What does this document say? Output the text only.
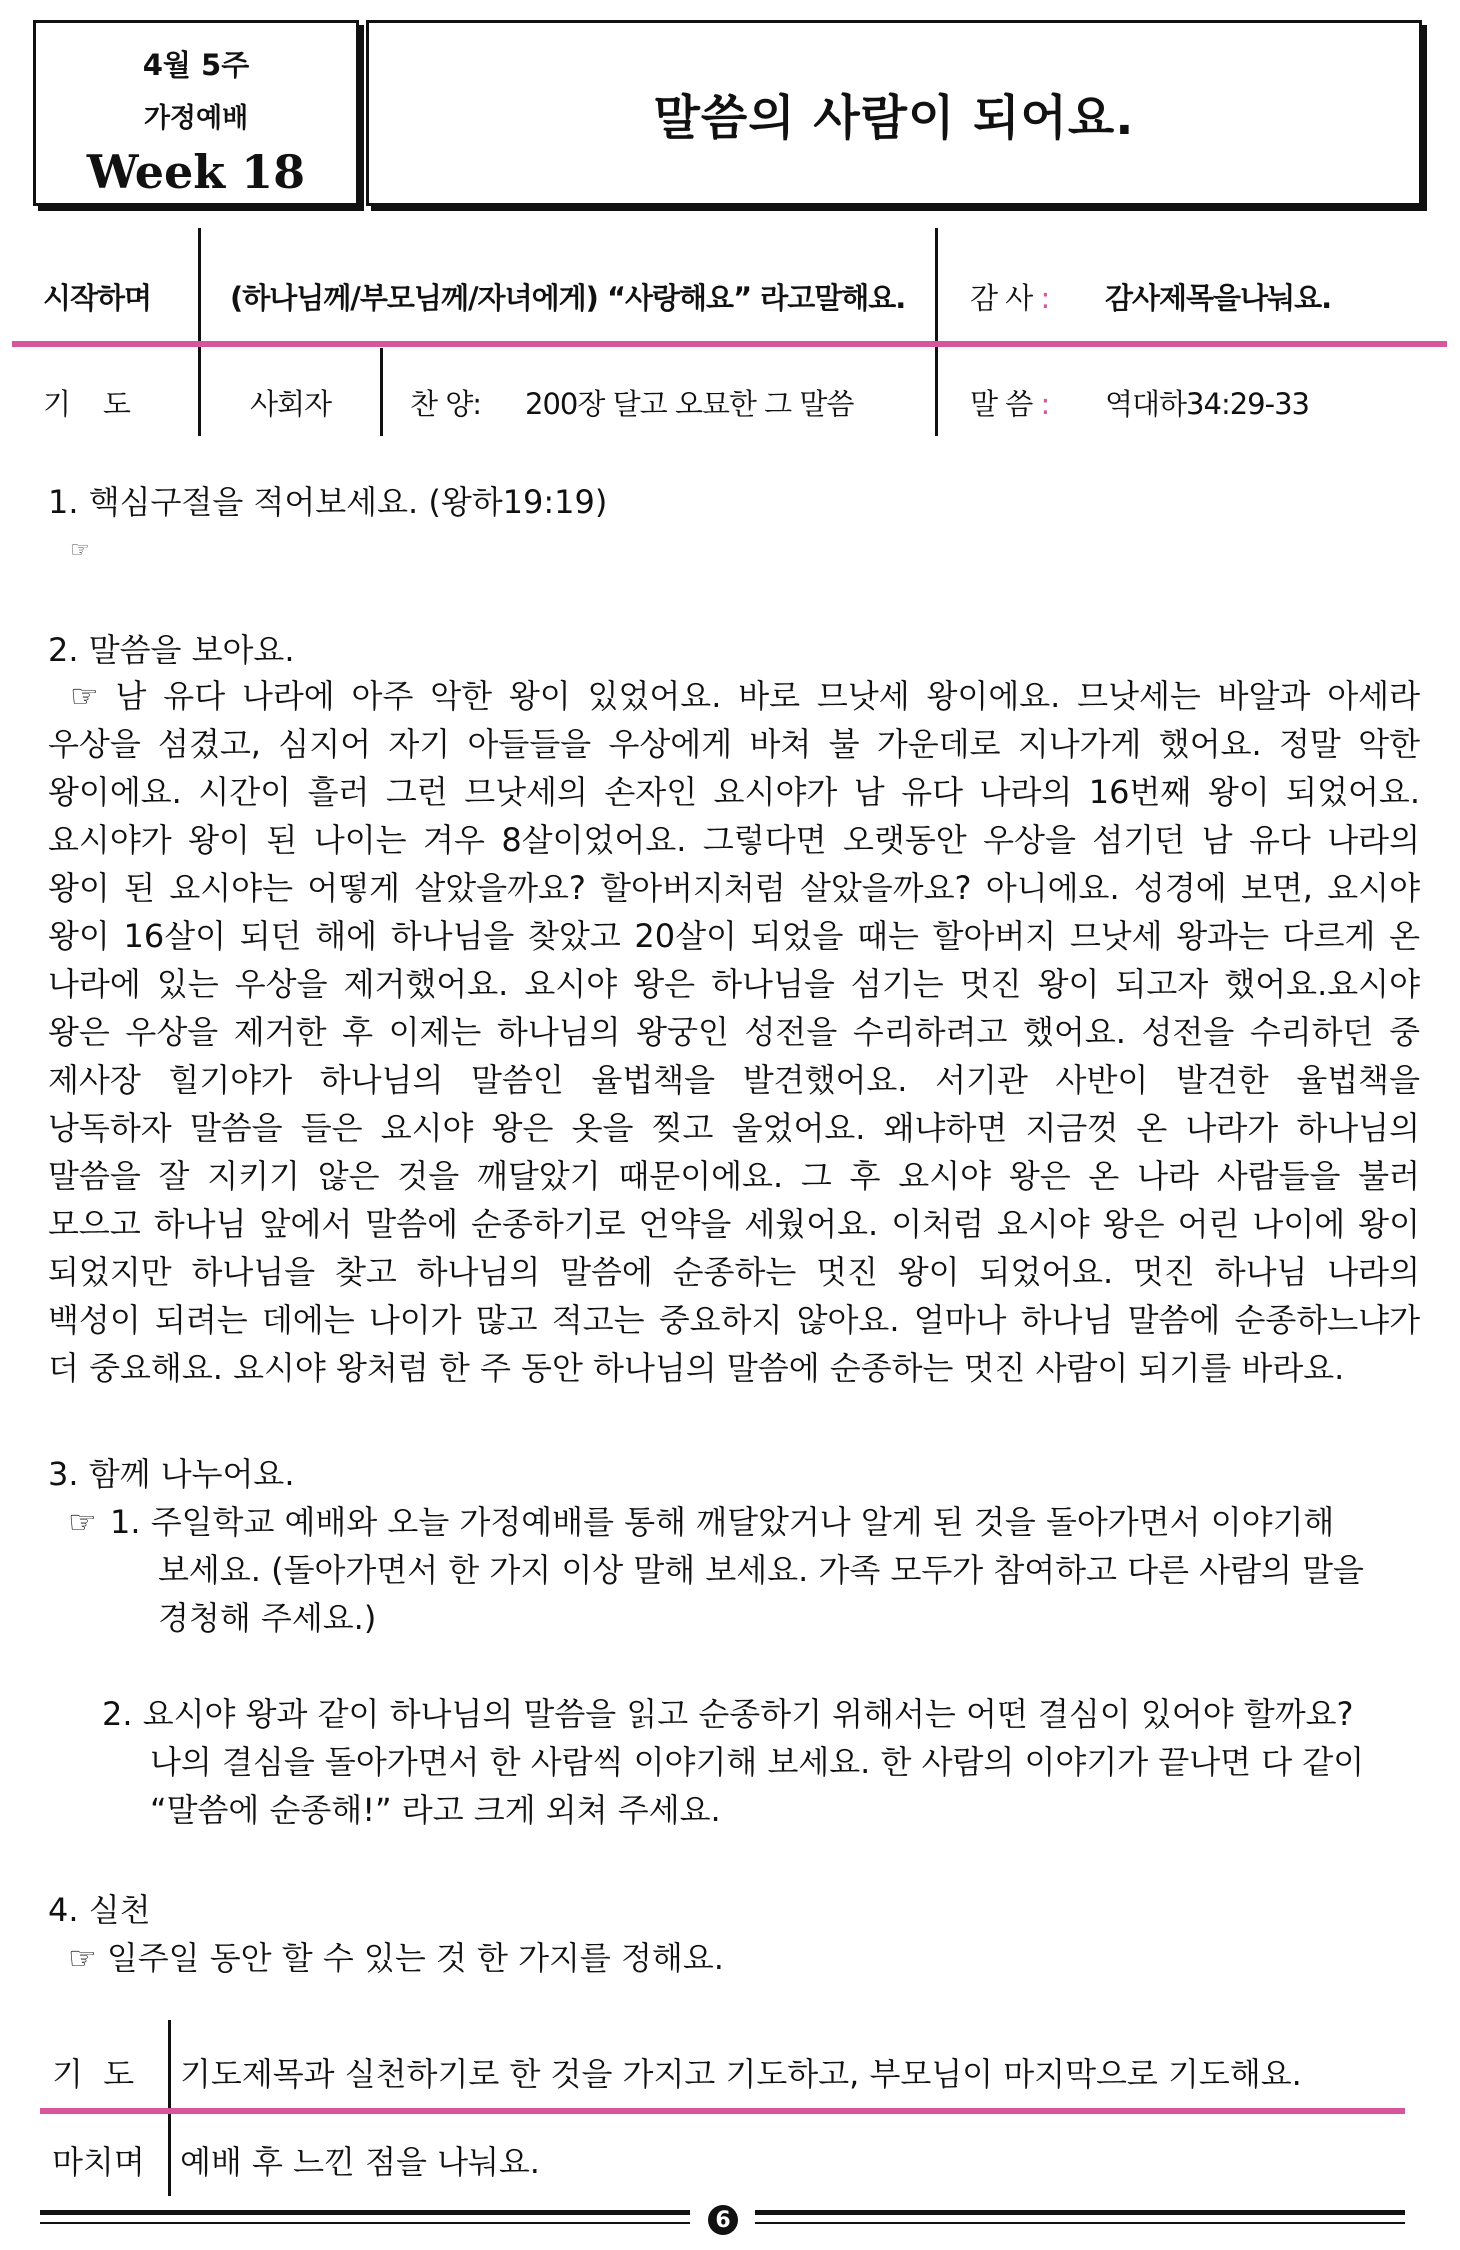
4월 5주
가정예배
Week 18
말씀의 사람이 되어요.
시작하며	(하나님께/부모님께/자녀에게) “사랑해요” 라고말해요. 감 사 : 감사제목을나눠요.
기    도	사회자	찬 양: 200장 달고 오묘한 그 말씀	말 씀 : 역대하34:29-33
1. 핵심구절을 적어보세요. (왕하19:19)
☞
2. 말씀을 보아요.

☞ 남 유다 나라에 아주 악한 왕이 있었어요. 바로 므낫세 왕이에요. 므낫세는 바알과 아세라

우상을 섬겼고, 심지어 자기 아들들을 우상에게 바쳐 불 가운데로 지나가게 했어요. 정말 악한

왕이에요. 시간이 흘러 그런 므낫세의 손자인 요시야가 남 유다 나라의 16번째 왕이 되었어요.

요시야가 왕이 된 나이는 겨우 8살이었어요. 그렇다면 오랫동안 우상을 섬기던 남 유다 나라의

왕이 된 요시야는 어떻게 살았을까요? 할아버지처럼 살았을까요? 아니에요. 성경에 보면, 요시야

왕이 16살이 되던 해에 하나님을 찾았고 20살이 되었을 때는 할아버지 므낫세 왕과는 다르게 온

나라에 있는 우상을 제거했어요. 요시야 왕은 하나님을 섬기는 멋진 왕이 되고자 했어요.요시야

왕은 우상을 제거한 후 이제는 하나님의 왕궁인 성전을 수리하려고 했어요. 성전을 수리하던 중

제사장 힐기야가 하나님의 말씀인 율법책을 발견했어요. 서기관 사반이 발견한 율법책을

낭독하자 말씀을 들은 요시야 왕은 옷을 찢고 울었어요. 왜냐하면 지금껏 온 나라가 하나님의

말씀을 잘 지키기 않은 것을 깨달았기 때문이에요. 그 후 요시야 왕은 온 나라 사람들을 불러

모으고 하나님 앞에서 말씀에 순종하기로 언약을 세웠어요. 이처럼 요시야 왕은 어린 나이에 왕이

되었지만 하나님을 찾고 하나님의 말씀에 순종하는 멋진 왕이 되었어요. 멋진 하나님 나라의

백성이 되려는 데에는 나이가 많고 적고는 중요하지 않아요. 얼마나 하나님 말씀에 순종하느냐가

더 중요해요. 요시야 왕처럼 한 주 동안 하나님의 말씀에 순종하는 멋진 사람이 되기를 바라요.

3. 함께 나누어요.
☞ 1. 주일학교 예배와 오늘 가정예배를 통해 깨달았거나 알게 된 것을 돌아가면서 이야기해
보세요. (돌아가면서 한 가지 이상 말해 보세요. 가족 모두가 참여하고 다른 사람의 말을
경청해 주세요.)
2. 요시야 왕과 같이 하나님의 말씀을 읽고 순종하기 위해서는 어떤 결심이 있어야 할까요?
나의 결심을 돌아가면서 한 사람씩 이야기해 보세요. 한 사람의 이야기가 끝나면 다 같이
“말씀에 순종해!” 라고 크게 외쳐 주세요.
4. 실천
☞ 일주일 동안 할 수 있는 것 한 가지를 정해요.
기  도 기도제목과 실천하기로 한 것을 가지고 기도하고, 부모님이 마지막으로 기도해요.
마치며 예배 후 느낀 점을 나눠요.
6
